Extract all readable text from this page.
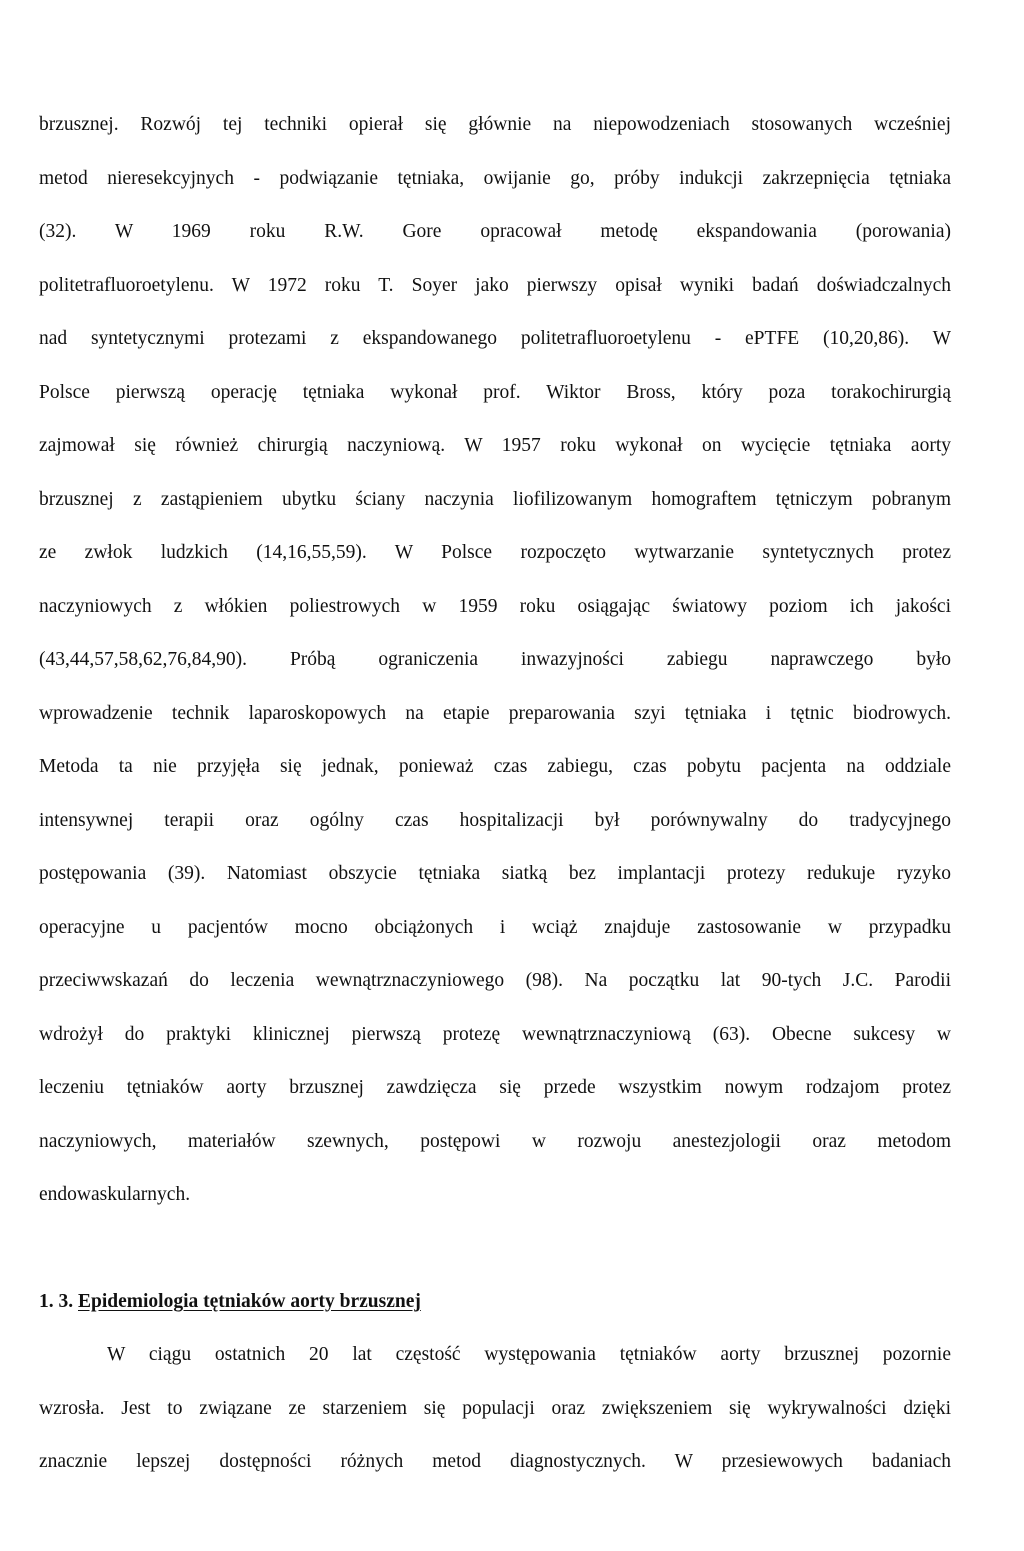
brzusznej. Rozwój tej techniki opierał się głównie na niepowodzeniach stosowanych wcześniej
metod nieresekcyjnych - podwiązanie tętniaka, owijanie go, próby indukcji zakrzepnięcia tętniaka
(32). W 1969 roku R.W. Gore opracował metodę ekspandowania (porowania)
politetrafluoroetylenu. W 1972 roku T. Soyer jako pierwszy opisał wyniki badań doświadczalnych
nad syntetycznymi protezami z ekspandowanego politetrafluoroetylenu - ePTFE (10,20,86). W
Polsce pierwszą operację tętniaka wykonał prof. Wiktor Bross, który poza torakochirurgią
zajmował się również chirurgią naczyniową. W 1957 roku wykonał on wycięcie tętniaka aorty
brzusznej z zastąpieniem ubytku ściany naczynia liofilizowanym homograftem tętniczym pobranym
ze zwłok ludzkich (14,16,55,59). W Polsce rozpoczęto wytwarzanie syntetycznych protez
naczyniowych z włókien poliestrowych w 1959 roku osiągając światowy poziom ich jakości
(43,44,57,58,62,76,84,90). Próbą ograniczenia inwazyjności zabiegu naprawczego było
wprowadzenie technik laparoskopowych na etapie preparowania szyi tętniaka i tętnic biodrowych.
Metoda ta nie przyjęła się jednak, ponieważ czas zabiegu, czas pobytu pacjenta na oddziale
intensywnej terapii oraz ogólny czas hospitalizacji był porównywalny do tradycyjnego
postępowania (39). Natomiast obszycie tętniaka siatką bez implantacji protezy redukuje ryzyko
operacyjne u pacjentów mocno obciążonych i wciąż znajduje zastosowanie w przypadku
przeciwwskazań do leczenia wewnątrznaczyniowego (98). Na początku lat 90-tych J.C. Parodii
wdrożył do praktyki klinicznej pierwszą protezę wewnątrznaczyniową (63). Obecne sukcesy w
leczeniu tętniaków aorty brzusznej zawdzięcza się przede wszystkim nowym rodzajom protez
naczyniowych, materiałów szewnych, postępowi w rozwoju anestezjologii oraz metodom
endowaskularnych.
1. 3. Epidemiologia tętniaków aorty brzusznej
W ciągu ostatnich 20 lat częstość występowania tętniaków aorty brzusznej pozornie
wzrosła. Jest to związane ze starzeniem się populacji oraz zwiększeniem się wykrywalności dzięki
znacznie lepszej dostępności różnych metod diagnostycznych. W przesiewowych badaniach
